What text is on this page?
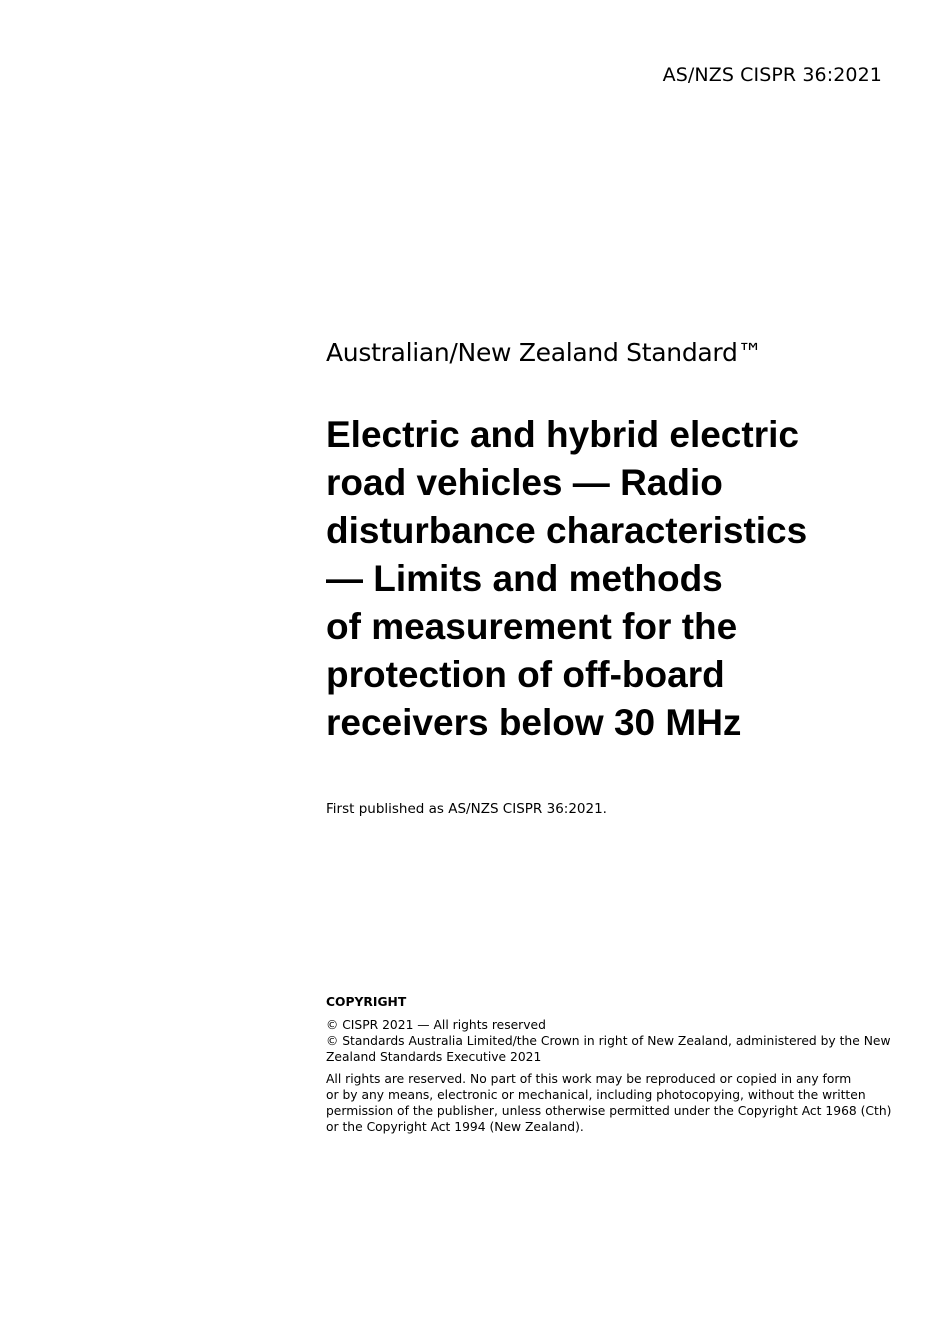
AS/NZS CISPR 36:2021
Australian/New Zealand Standard™
Electric and hybrid electric
road vehicles — Radio
disturbance characteristics
— Limits and methods
of measurement for the
protection of off-board
receivers below 30 MHz
First published as AS/NZS CISPR 36:2021.
COPYRIGHT
© CISPR 2021 — All rights reserved
© Standards Australia Limited/the Crown in right of New Zealand, administered by the New
Zealand Standards Executive 2021
All rights are reserved. No part of this work may be reproduced or copied in any form
or by any means, electronic or mechanical, including photocopying, without the written
permission of the publisher, unless otherwise permitted under the Copyright Act 1968 (Cth)
or the Copyright Act 1994 (New Zealand).
